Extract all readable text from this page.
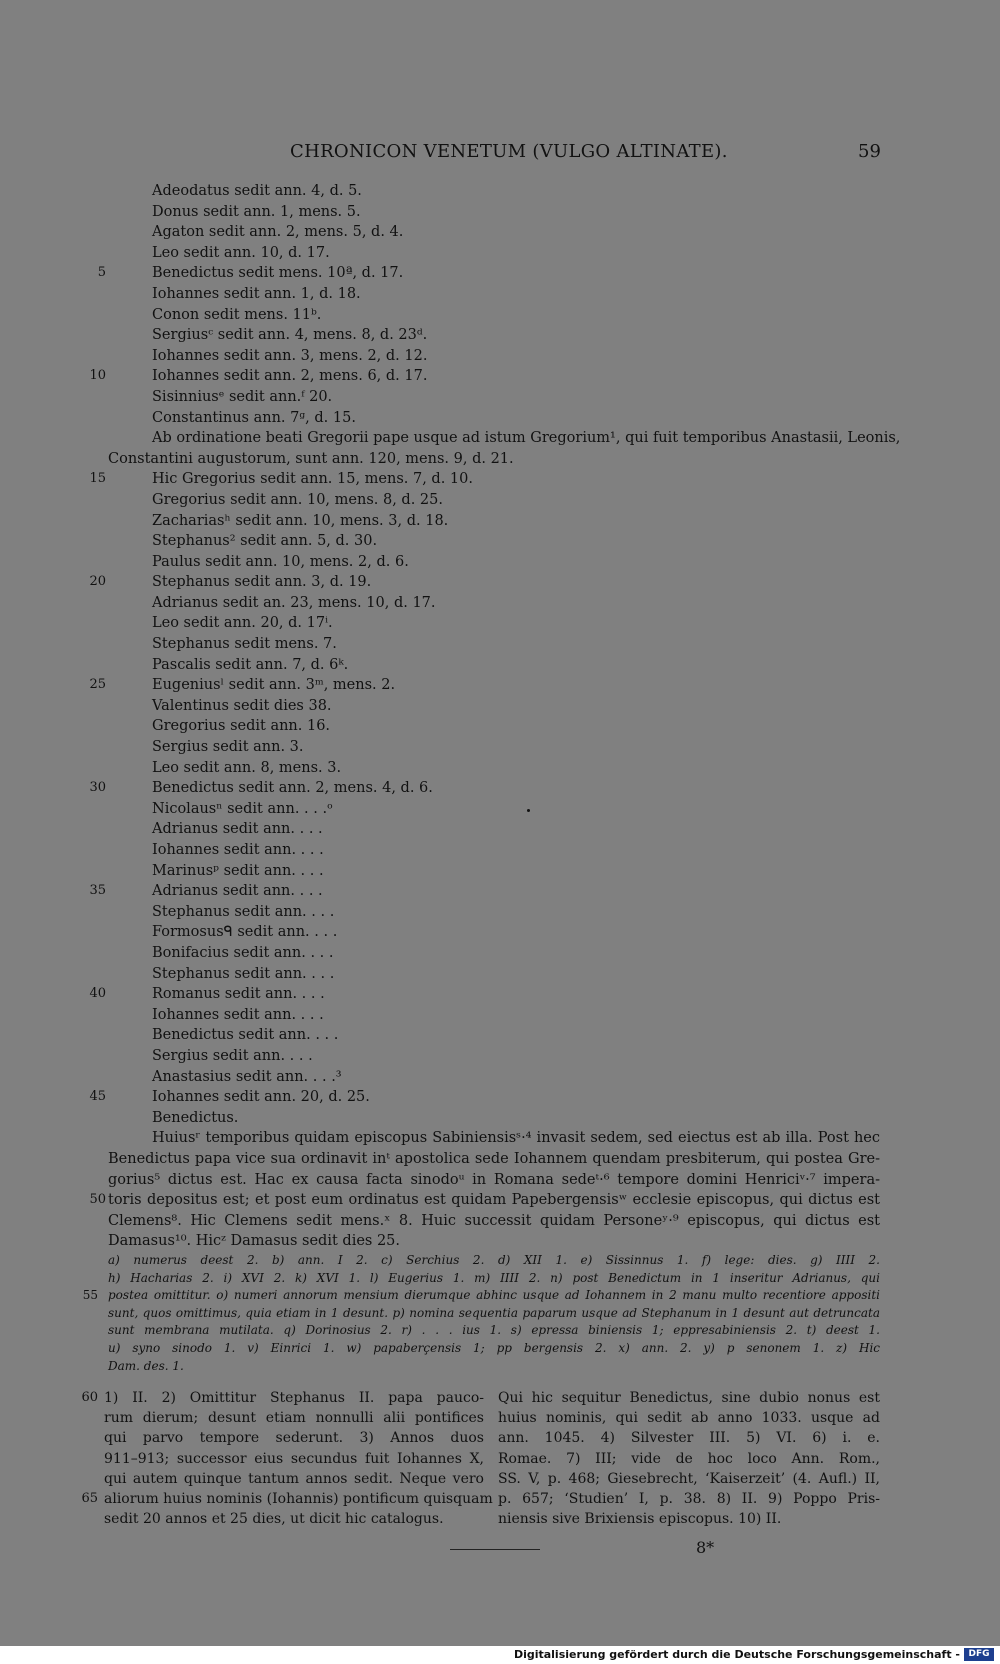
CHRONICON VENETUM (VULGO ALTINATE).	59
Adeodatus sedit ann. 4, d. 5.
Donus sedit ann. 1, mens. 5.
Agaton sedit ann. 2, mens. 5, d. 4.
Leo sedit ann. 10, d. 17.
5	Benedictus sedit mens. 10ª, d. 17.
Iohannes sedit ann. 1, d. 18.
Conon sedit mens. 11ᵇ.
Sergiusᶜ sedit ann. 4, mens. 8, d. 23ᵈ.
Iohannes sedit ann. 3, mens. 2, d. 12.
10	Iohannes sedit ann. 2, mens. 6, d. 17.
Sisinniusᵉ sedit ann.ᶠ 20.
Constantinus ann. 7ᵍ, d. 15.
Ab ordinatione beati Gregorii pape usque ad istum Gregorium¹, qui fuit temporibus Anastasii, Leonis,
Constantini augustorum, sunt ann. 120, mens. 9, d. 21.
15	Hic Gregorius sedit ann. 15, mens. 7, d. 10.
Gregorius sedit ann. 10, mens. 8, d. 25.
Zachariasʰ sedit ann. 10, mens. 3, d. 18.
Stephanus² sedit ann. 5, d. 30.
Paulus sedit ann. 10, mens. 2, d. 6.
20	Stephanus sedit ann. 3, d. 19.
Adrianus sedit an. 23, mens. 10, d. 17.
Leo sedit ann. 20, d. 17ⁱ.
Stephanus sedit mens. 7.
Pascalis sedit ann. 7, d. 6ᵏ.
25	Eugeniusˡ sedit ann. 3ᵐ, mens. 2.
Valentinus sedit dies 38.
Gregorius sedit ann. 16.
Sergius sedit ann. 3.
Leo sedit ann. 8, mens. 3.
30	Benedictus sedit ann. 2, mens. 4, d. 6.
Nicolausⁿ sedit ann. . . .ᵒ
Adrianus sedit ann. . . .
Iohannes sedit ann. . . .
Marinusᵖ sedit ann. . . .
35	Adrianus sedit ann. . . .
Stephanus sedit ann. . . .
Formosusᑫ sedit ann. . . .
Bonifacius sedit ann. . . .
Stephanus sedit ann. . . .
40	Romanus sedit ann. . . .
Iohannes sedit ann. . . .
Benedictus sedit ann. . . .
Sergius sedit ann. . . .
Anastasius sedit ann. . . .³
45	Iohannes sedit ann. 20, d. 25.
Benedictus.
Huiusʳ temporibus quidam episcopus Sabiniensisˢ·⁴ invasit sedem, sed eiectus est ab illa. Post hec
Benedictus papa vice sua ordinavit inᵗ apostolica sede Iohannem quendam presbiterum, qui postea Gre-
gorius⁵ dictus est. Hac ex causa facta sinodoᵘ in Romana sedeᵗ·⁶ tempore domini Henriciᵛ·⁷ impera-
50 toris depositus est; et post eum ordinatus est quidam Papebergensisʷ ecclesie episcopus, qui dictus est
Clemens⁸. Hic Clemens sedit mens.ˣ 8. Huic successit quidam Personeʸ·⁹ episcopus, qui dictus est
Damasus¹⁰. Hicᶻ Damasus sedit dies 25.
a) numerus deest 2. b) ann. I 2. c) Serchius 2. d) XII 1. e) Sissinnus 1. f) lege: dies. g) IIII 2.
h) Hacharias 2. i) XVI 2. k) XVI 1. l) Eugerius 1. m) IIII 2. n) post Benedictum in 1 inseritur Adrianus, qui
55 postea omittitur. o) numeri annorum mensium dierumque abhinc usque ad Iohannem in 2 manu multo recentiore appositi
sunt, quos omittimus, quia etiam in 1 desunt. p) nomina sequentia paparum usque ad Stephanum in 1 desunt aut detruncata
sunt membrana mutilata. q) Dorinosius 2. r) . . . ius 1. s) epressa biniensis 1; eppresabiniensis 2. t) deest 1.
u) syno sinodo 1. v) Einrici 1. w) papaberçensis 1; pp bergensis 2. x) ann. 2. y) p senonem 1. z) Hic
Dam. des. 1.
60 1) II. 2) Omittitur Stephanus II. papa pauco- Qui hic sequitur Benedictus, sine dubio nonus est
rum dierum; desunt etiam nonnulli alii pontifices huius nominis, qui sedit ab anno 1033. usque ad
qui parvo tempore sederunt. 3) Annos duos ann. 1045. 4) Silvester III. 5) VI. 6) i. e.
911–913; successor eius secundus fuit Iohannes X, Romae. 7) III; vide de hoc loco Ann. Rom.,
qui autem quinque tantum annos sedit. Neque vero SS. V, p. 468; Giesebrecht, ‘Kaiserzeit’ (4. Aufl.) II,
65 aliorum huius nominis (Iohannis) pontificum quisquam p. 657; ‘Studien’ I, p. 38. 8) II. 9) Poppo Pris-
sedit 20 annos et 25 dies, ut dicit hic catalogus.	niensis sive Brixiensis episcopus. 10) II.
8*
Digitalisierung gefördert durch die Deutsche Forschungsgemeinschaft - DFG
